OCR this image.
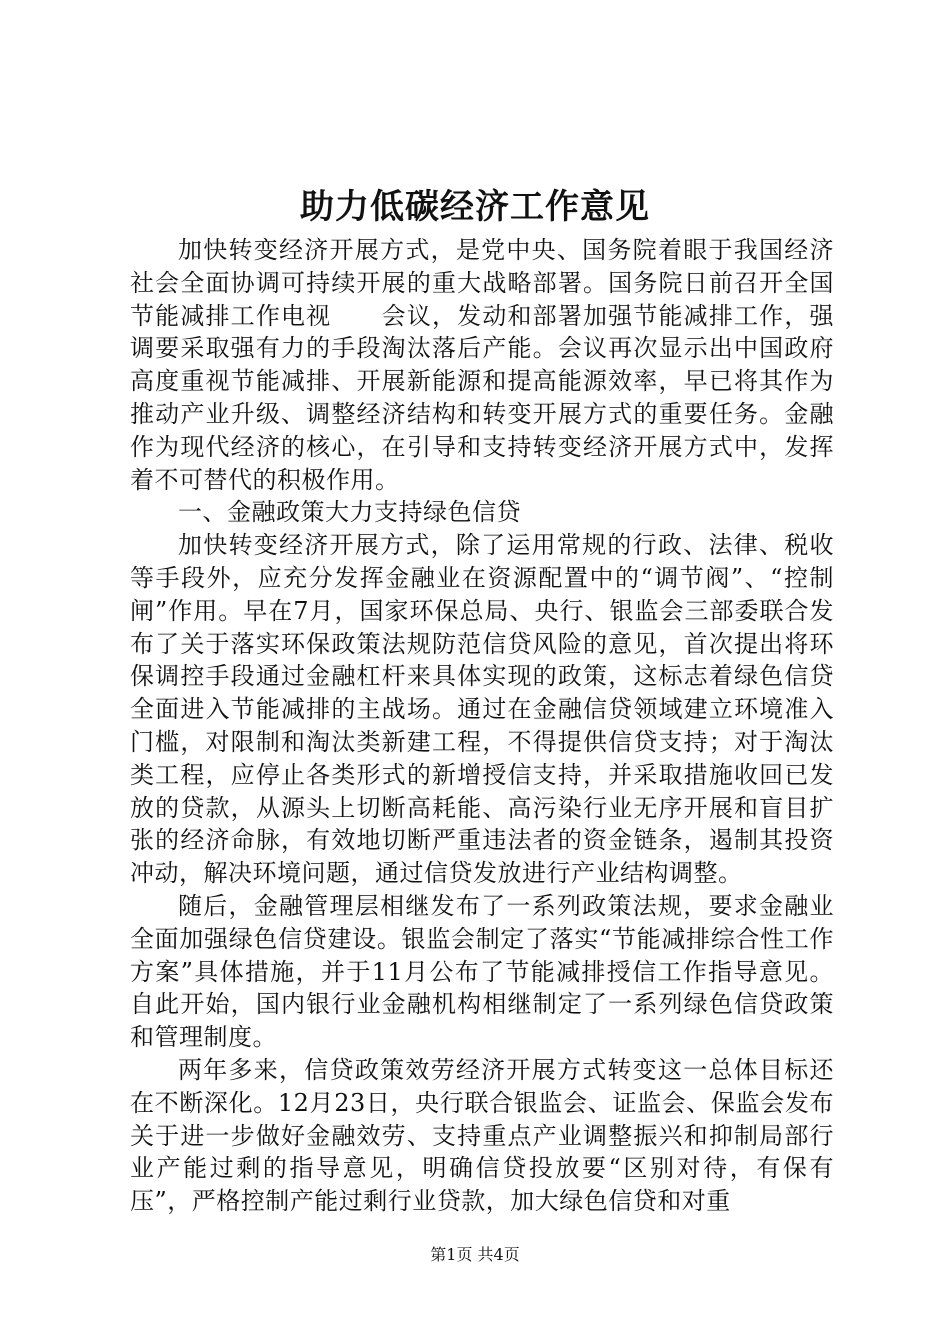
助力低碳经济工作意见

加快转变经济开展方式，是党中央、国务院着眼于我国经济社会全面协调可持续开展的重大战略部署。国务院日前召开全国节能减排工作电视　　会议，发动和部署加强节能减排工作，强调要采取强有力的手段淘汰落后产能。会议再次显示出中国政府高度重视节能减排、开展新能源和提高能源效率，早已将其作为推动产业升级、调整经济结构和转变开展方式的重要任务。金融作为现代经济的核心，在引导和支持转变经济开展方式中，发挥着不可替代的积极作用。

一、金融政策大力支持绿色信贷

加快转变经济开展方式，除了运用常规的行政、法律、税收等手段外，应充分发挥金融业在资源配置中的“调节阀”、“控制闸”作用。早在7月，国家环保总局、央行、银监会三部委联合发布了关于落实环保政策法规防范信贷风险的意见，首次提出将环保调控手段通过金融杠杆来具体实现的政策，这标志着绿色信贷全面进入节能减排的主战场。通过在金融信贷领域建立环境准入门槛，对限制和淘汰类新建工程，不得提供信贷支持；对于淘汰类工程，应停止各类形式的新增授信支持，并采取措施收回已发放的贷款，从源头上切断高耗能、高污染行业无序开展和盲目扩张的经济命脉，有效地切断严重违法者的资金链条，遏制其投资冲动，解决环境问题，通过信贷发放进行产业结构调整。

随后，金融管理层相继发布了一系列政策法规，要求金融业全面加强绿色信贷建设。银监会制定了落实“节能减排综合性工作方案”具体措施，并于11月公布了节能减排授信工作指导意见。自此开始，国内银行业金融机构相继制定了一系列绿色信贷政策和管理制度。

两年多来，信贷政策效劳经济开展方式转变这一总体目标还在不断深化。12月23日，央行联合银监会、证监会、保监会发布关于进一步做好金融效劳、支持重点产业调整振兴和抑制局部行业产能过剩的指导意见，明确信贷投放要“区别对待，有保有压”，严格控制产能过剩行业贷款，加大绿色信贷和对重

第1页 共4页
